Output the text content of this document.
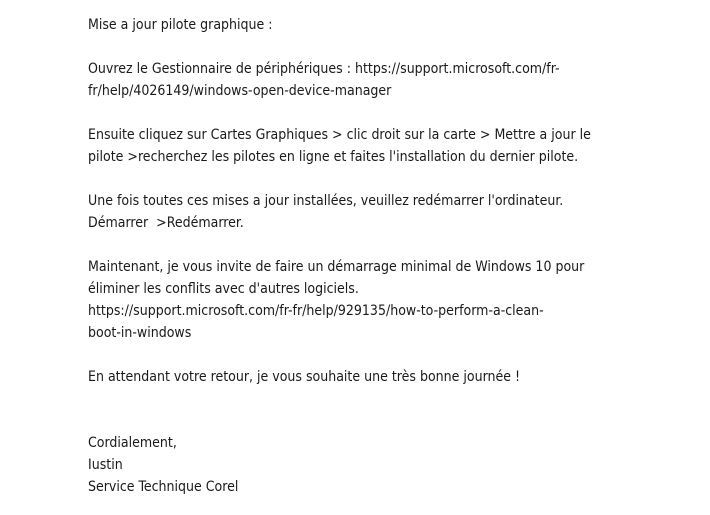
Mise a jour pilote graphique :
Ouvrez le Gestionnaire de périphériques : https://support.microsoft.com/fr-
fr/help/4026149/windows-open-device-manager
Ensuite cliquez sur Cartes Graphiques > clic droit sur la carte > Mettre a jour le
pilote >recherchez les pilotes en ligne et faites l'installation du dernier pilote.
Une fois toutes ces mises a jour installées, veuillez redémarrer l'ordinateur.
Démarrer  >Redémarrer.
Maintenant, je vous invite de faire un démarrage minimal de Windows 10 pour
éliminer les conflits avec d'autres logiciels.
https://support.microsoft.com/fr-fr/help/929135/how-to-perform-a-clean-
boot-in-windows
En attendant votre retour, je vous souhaite une très bonne journée !
Cordialement,
Iustin
Service Technique Corel
